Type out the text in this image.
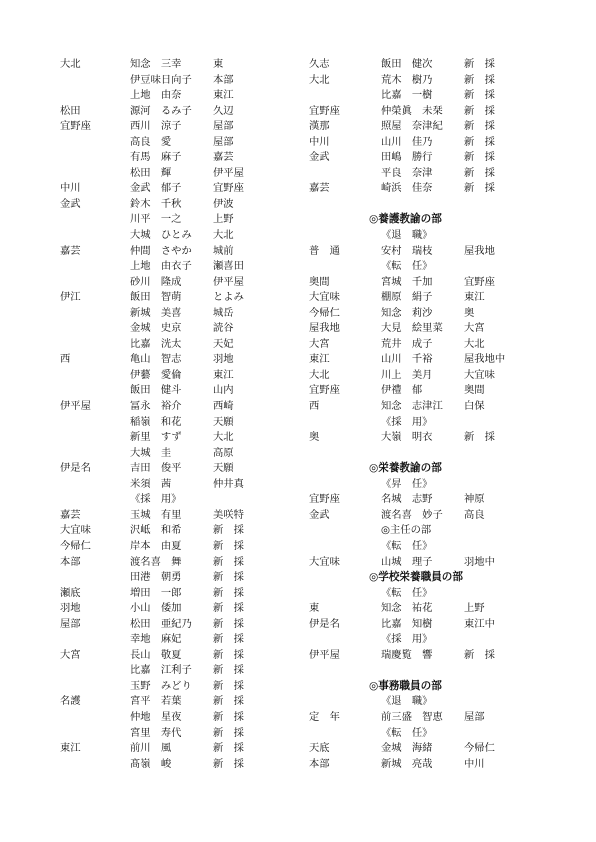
大北	知念　三幸	東
伊豆味日向子 本部
上地　由奈	東江
松田	源河　るみ子 久辺
宜野座	西川　涼子	屋部
高良　愛	屋部
有馬　麻子	嘉芸
松田　輝	伊平屋
中川	金武　郁子	宜野座
金武	鈴木　千秋	伊波
川平　一之	上野
大城　ひとみ 大北
嘉芸	仲間　さやか 城前
上地　由衣子 瀬喜田
砂川　隆成	伊平屋
伊江	飯田　智萌	とよみ
新城　美喜	城岳
金城　史京	読谷
比嘉　洸太	天妃
西	亀山　智志	羽地
伊藝　愛倫	東江
飯田　健斗	山内
伊平屋	冨永　裕介	西崎
稲嶺　和花	天願
新里　すず	大北
大城　圭	高原
伊是名	吉田　俊平	天願
米須　茜	仲井真
《採　用》
嘉芸	玉城　有里	美咲特
大宜味	沢岻　和希	新　採
今帰仁	岸本　由夏	新　採
本部	渡名喜　舞	新　採
田港　朝勇	新　採
瀬底	増田　一郎	新　採
羽地	小山　倭加	新　採
屋部	松田　亜紀乃 新　採
幸地　麻妃	新　採
大宮	長山　敬夏	新　採
比嘉　江利子 新　採
玉野　みどり 新　採
名護	宮平　若葉	新　採
仲地　星夜	新　採
宮里　寿代	新　採
東江	前川　風	新　採
髙嶺　峻	新　採
久志	飯田　健次	新　採
大北	荒木　樹乃	新　採
比嘉　一樹	新　採
宜野座	仲榮眞　未栞 新　採
漢那	照屋　奈津紀 新　採
中川	山川　佳乃	新　採
金武	田嶋　勝行	新　採
平良　奈津	新　採
嘉芸	崎浜　佳奈	新　採
◎養護教諭の部
《退　職》
普　通	安村　瑞枝	屋我地
《転　任》
奥間	宮城　千加	宜野座
大宜味	棚原　絹子	東江
今帰仁	知念　莉沙	奥
屋我地	大見　絵里菜 大宮
大宮	荒井　成子	大北
東江	山川　千裕	屋我地中
大北	川上　美月	大宜味
宜野座	伊禮　郁	奥間
西	知念　志津江 白保
《採　用》
奥	大嶺　明衣	新　採
◎栄養教諭の部
《昇　任》
宜野座	名城　志野	神原
金武	渡名喜　妙子 高良
◎主任の部
《転　任》
大宜味	山城　理子	羽地中
◎学校栄養職員の部
《転　任》
東	知念　祐花	上野
伊是名	比嘉　知樹	東江中
《採　用》
伊平屋	瑞慶覧　響	新　採
◎事務職員の部
《退　職》
定　年	前三盛　智恵 屋部
《転　任》
天底	金城　海緒	今帰仁
本部	新城　亮哉	中川
